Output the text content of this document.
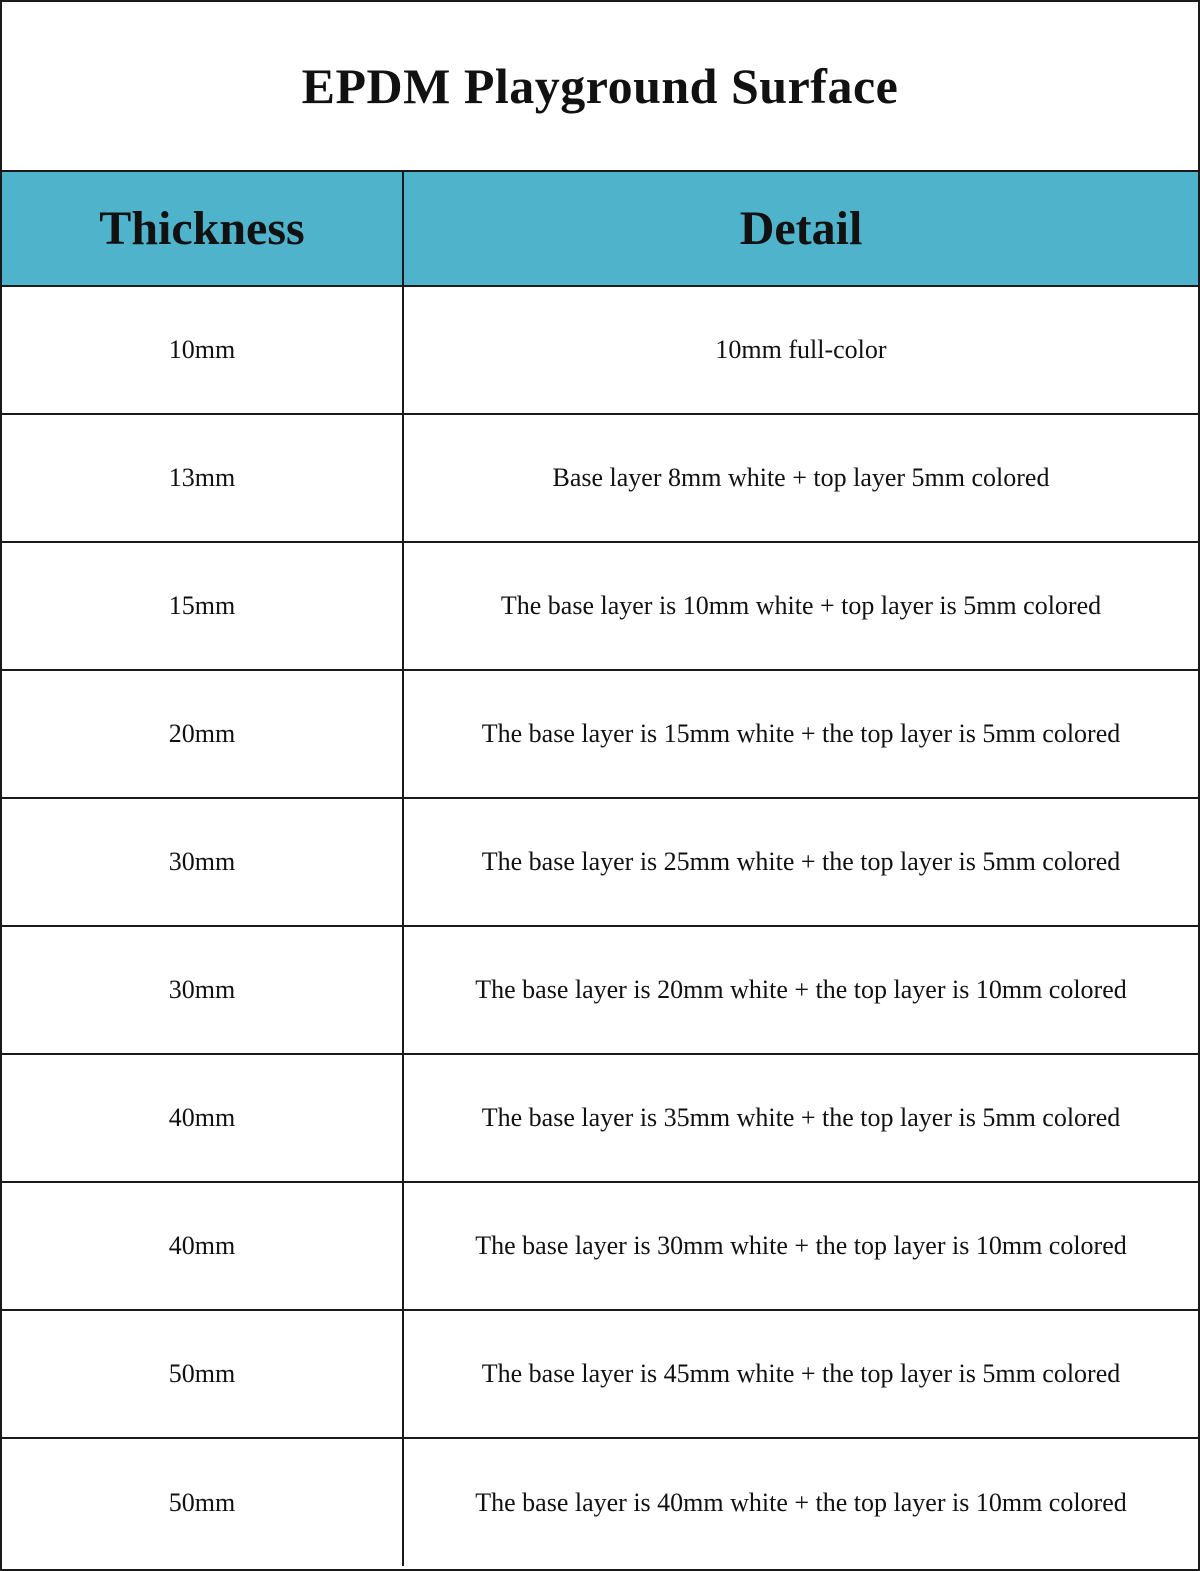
EPDM Playground Surface
Thickness	Detail
10mm	10mm full-color
13mm	Base layer 8mm white + top layer 5mm colored
15mm	The base layer is 10mm white + top layer is 5mm colored
20mm	The base layer is 15mm white + the top layer is 5mm colored
30mm	The base layer is 25mm white + the top layer is 5mm colored
30mm	The base layer is 20mm white + the top layer is 10mm colored
40mm	The base layer is 35mm white + the top layer is 5mm colored
40mm	The base layer is 30mm white + the top layer is 10mm colored
50mm	The base layer is 45mm white + the top layer is 5mm colored
50mm	The base layer is 40mm white + the top layer is 10mm colored
